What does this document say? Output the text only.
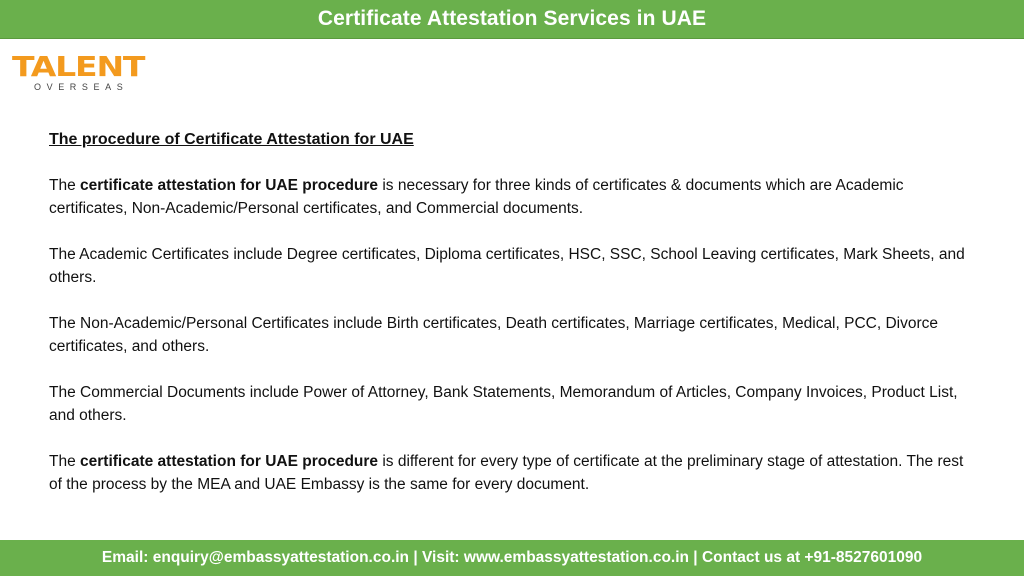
Certificate Attestation Services in UAE
TALENT
OVERSEAS

The procedure of Certificate Attestation for UAE

The certificate attestation for UAE procedure is necessary for three kinds of certificates & documents which are Academic certificates, Non-Academic/Personal certificates, and Commercial documents.

The Academic Certificates include Degree certificates, Diploma certificates, HSC, SSC, School Leaving certificates, Mark Sheets, and others.

The Non-Academic/Personal Certificates include Birth certificates, Death certificates, Marriage certificates, Medical, PCC, Divorce certificates, and others.

The Commercial Documents include Power of Attorney, Bank Statements, Memorandum of Articles, Company Invoices, Product List, and others.

The certificate attestation for UAE procedure is different for every type of certificate at the preliminary stage of attestation. The rest of the process by the MEA and UAE Embassy is the same for every document.

Email: enquiry@embassyattestation.co.in | Visit: www.embassyattestation.co.in | Contact us at +91-8527601090
